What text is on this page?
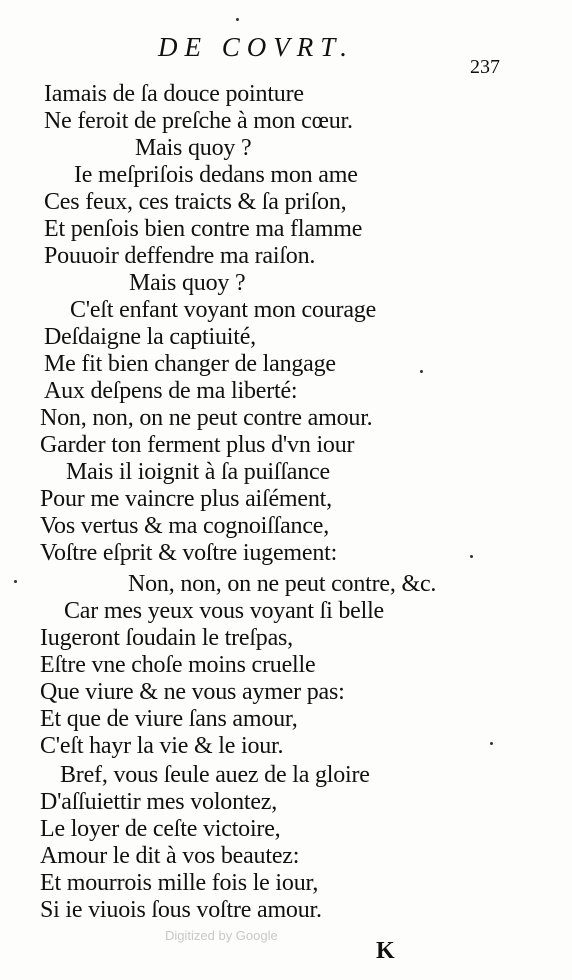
DE COVRT.
237
Iamais de ſa douce pointure
Ne feroit de preſche à mon cœur.
Mais quoy ?
Ie meſpriſois dedans mon ame
Ces feux, ces traicts & ſa priſon,
Et penſois bien contre ma flamme
Pouuoir deffendre ma raiſon.
Mais quoy ?
C'eſt enfant voyant mon courage
Deſdaigne la captiuité,
Me fit bien changer de langage
Aux deſpens de ma liberté:
Non, non, on ne peut contre amour.
Garder ton ferment plus d'vn iour
Mais il ioignit à ſa puiſſance
Pour me vaincre plus aiſément,
Vos vertus & ma cognoiſſance,
Voſtre eſprit & voſtre iugement:
Non, non, on ne peut contre, &c.
Car mes yeux vous voyant ſi belle
Iugeront ſoudain le treſpas,
Eſtre vne choſe moins cruelle
Que viure & ne vous aymer pas:
Et que de viure ſans amour,
C'eſt hayr la vie & le iour.
Bref, vous ſeule auez de la gloire
D'aſſuiettir mes volontez,
Le loyer de ceſte victoire,
Amour le dit à vos beautez:
Et mourrois mille fois le iour,
Si ie viuois ſous voſtre amour.
Digitized by Google
K
